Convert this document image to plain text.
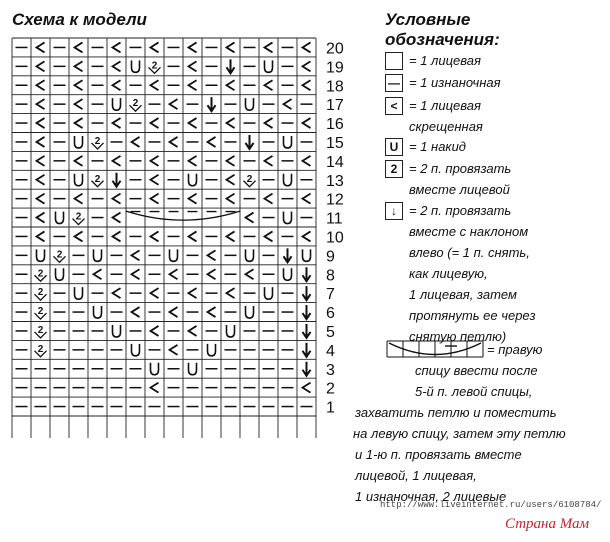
2
2
2
2	2
2
2
2
2
2
2
2
20
19
18
17
16
15
14
13
12
11
10
9
8
7
6
5
4
3
2
1
Схема к модели	Условные
обозначения:
= 1 лицевая
— = 1 изнаночная
< = 1 лицевая
скрещенная
U = 1 накид
2 = 2 п. провязать
вместе лицевой
↓ = 2 п. провязать
вместе с наклоном
влево (= 1 п. снять,
как лицевую,
1 лицевая, затем
протянуть ее через
снятую петлю)
= правую
спицу ввести после
5-й п. левой спицы,
захватить петлю и поместить
на левую спицу, затем эту петлю
и 1-ю п. провязать вместе
лицевой, 1 лицевая,
1 изнаночная, 2 лицевые
http://www.liveinternet.ru/users/6108784/
Страна Мам
